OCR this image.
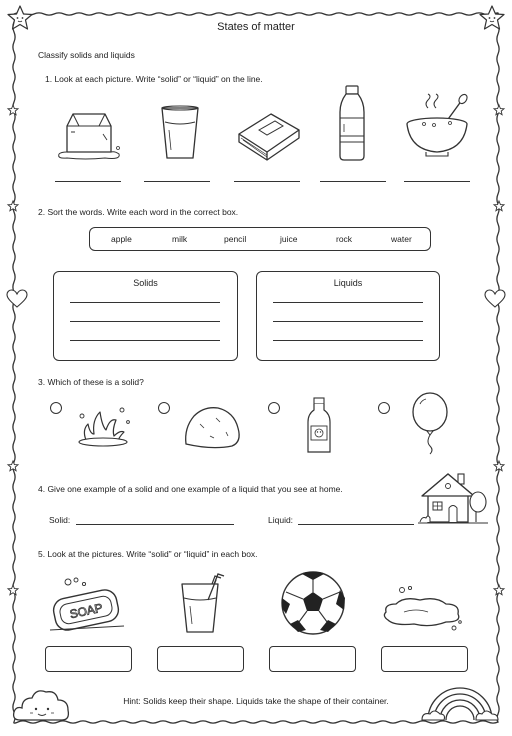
States of matter
Classify solids and liquids
1. Look at each picture. Write “solid” or “liquid” on the line.
2. Sort the words. Write each word in the correct box.
apple	milk	pencil	juice	rock	water
Solids	Liquids
3. Which of these is a solid?
4. Give one example of a solid and one example of a liquid that you see at home.
Solid:	Liquid:
5. Look at the pictures. Write “solid” or “liquid” in each box.
SOAP
Hint: Solids keep their shape. Liquids take the shape of their container.
